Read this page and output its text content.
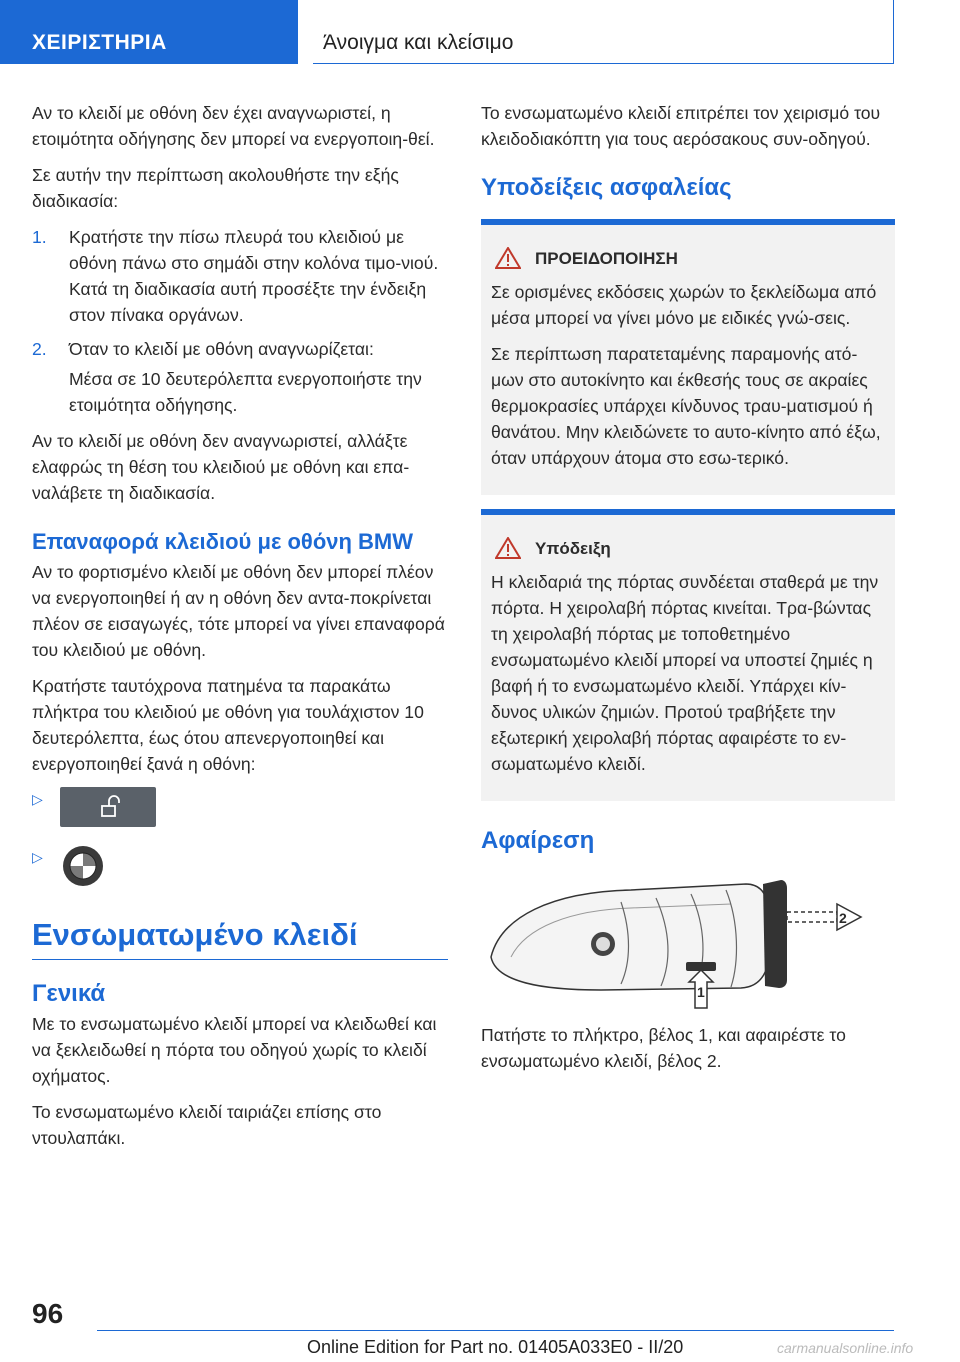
ΧΕΙΡΙΣΤΗΡΙΑ	Άνοιγμα και κλείσιμο

Αν το κλειδί με οθόνη δεν έχει αναγνωριστεί, η ετοιμότητα οδήγησης δεν μπορεί να ενεργοποιη-θεί.

Σε αυτήν την περίπτωση ακολουθήστε την εξής διαδικασία:

1. Κρατήστε την πίσω πλευρά του κλειδιού με οθόνη πάνω στο σημάδι στην κολόνα τιμο-νιού. Κατά τη διαδικασία αυτή προσέξτε την ένδειξη στον πίνακα οργάνων.
2. Όταν το κλειδί με οθόνη αναγνωρίζεται:

Μέσα σε 10 δευτερόλεπτα ενεργοποιήστε την ετοιμότητα οδήγησης.

Αν το κλειδί με οθόνη δεν αναγνωριστεί, αλλάξτε ελαφρώς τη θέση του κλειδιού με οθόνη και επα-ναλάβετε τη διαδικασία.

Επαναφορά κλειδιού με οθόνη BMW

Αν το φορτισμένο κλειδί με οθόνη δεν μπορεί πλέον να ενεργοποιηθεί ή αν η οθόνη δεν αντα-ποκρίνεται πλέον σε εισαγωγές, τότε μπορεί να γίνει επαναφορά του κλειδιού με οθόνη.

Κρατήστε ταυτόχρονα πατημένα τα παρακάτω πλήκτρα του κλειδιού με οθόνη για τουλάχιστον 10 δευτερόλεπτα, έως ότου απενεργοποιηθεί και ενεργοποιηθεί ξανά η οθόνη:

▷
▷
Ενσωματωμένο κλειδί
Γενικά

Με το ενσωματωμένο κλειδί μπορεί να κλειδωθεί και να ξεκλειδωθεί η πόρτα του οδηγού χωρίς το κλειδί οχήματος.

Το ενσωματωμένο κλειδί ταιριάζει επίσης στο ντουλαπάκι.

Το ενσωματωμένο κλειδί επιτρέπει τον χειρισμό του κλειδοδιακόπτη για τους αερόσακους συν-οδηγού.

Υποδείξεις ασφαλείας
ΠΡΟΕΙΔΟΠΟΙΗΣΗ

Σε ορισμένες εκδόσεις χωρών το ξεκλείδωμα από μέσα μπορεί να γίνει μόνο με ειδικές γνώ-σεις.

Σε περίπτωση παρατεταμένης παραμονής ατό-μων στο αυτοκίνητο και έκθεσής τους σε ακραίες θερμοκρασίες υπάρχει κίνδυνος τραυ-ματισμού ή θανάτου. Μην κλειδώνετε το αυτο-κίνητο από έξω, όταν υπάρχουν άτομα στο εσω-τερικό.

Υπόδειξη

Η κλειδαριά της πόρτας συνδέεται σταθερά με την πόρτα. Η χειρολαβή πόρτας κινείται. Τρα-βώντας τη χειρολαβή πόρτας με τοποθετημένο ενσωματωμένο κλειδί μπορεί να υποστεί ζημιές η βαφή ή το ενσωματωμένο κλειδί. Υπάρχει κίν-δυνος υλικών ζημιών. Προτού τραβήξετε την εξωτερική χειρολαβή πόρτας αφαιρέστε το εν-σωματωμένο κλειδί.

Αφαίρεση
1
2

Πατήστε το πλήκτρο, βέλος 1, και αφαιρέστε το ενσωματωμένο κλειδί, βέλος 2.

96
Online Edition for Part no. 01405A033E0 - II/20	carmanualsonline.info
